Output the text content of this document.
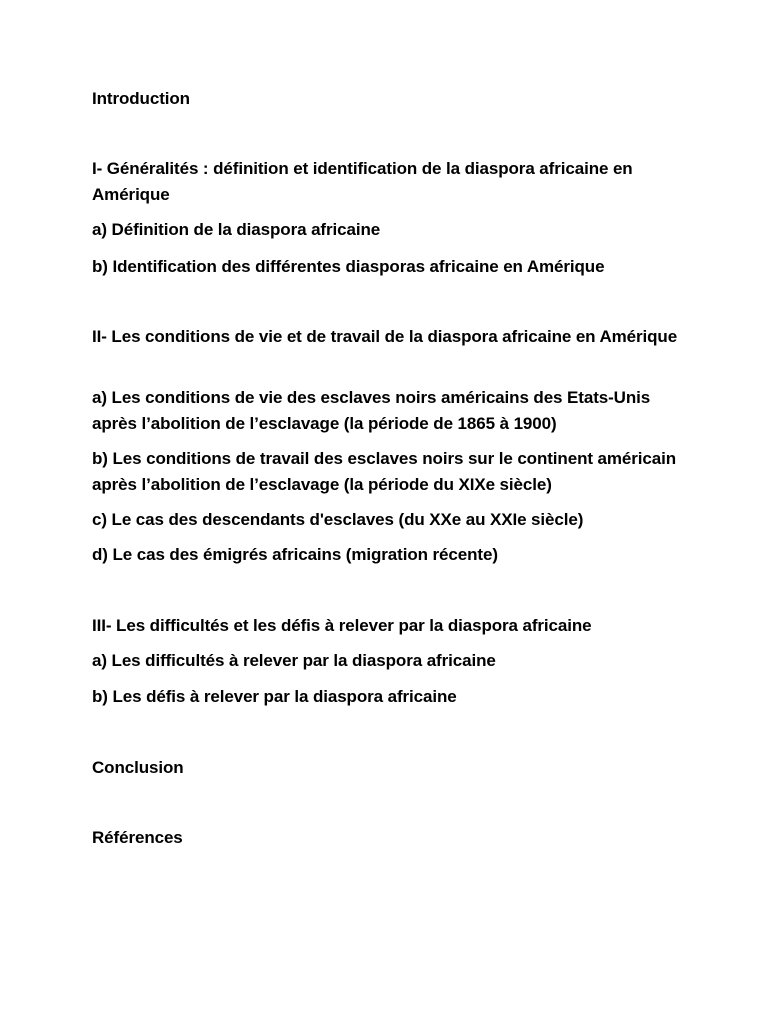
Introduction

I- Généralités : définition et identification de la diaspora africaine en Amérique

a) Définition de la diaspora africaine

b) Identification des différentes diasporas africaine en Amérique

II- Les conditions de vie et de travail de la diaspora africaine en Amérique

a) Les conditions de vie des esclaves noirs américains des Etats-Unis après l’abolition de l’esclavage (la période de 1865 à 1900)

b) Les conditions de travail des esclaves noirs sur le continent américain après l’abolition de l’esclavage (la période du XIXe siècle)

c) Le cas des descendants d'esclaves (du XXe au XXIe siècle)

d) Le cas des émigrés africains (migration récente)

III- Les difficultés et les défis à relever par la diaspora africaine

a) Les difficultés à relever par la diaspora africaine

b) Les défis à relever par la diaspora africaine

Conclusion

Références
